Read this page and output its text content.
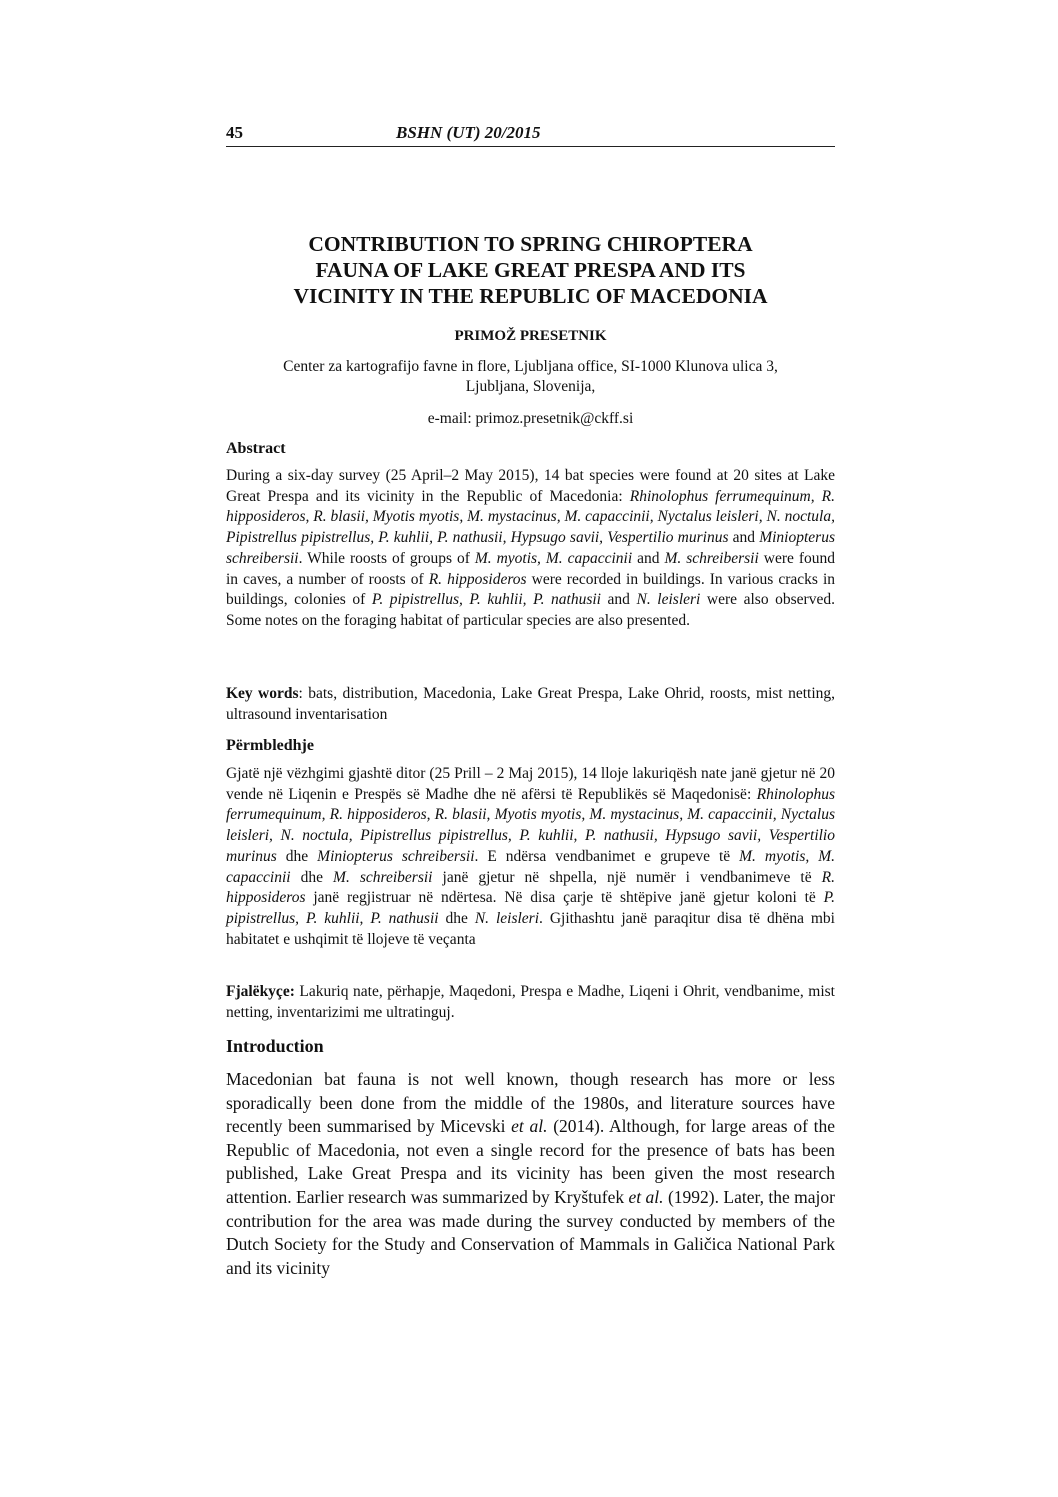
45	BSHN (UT) 20/2015
CONTRIBUTION TO SPRING CHIROPTERA
FAUNA OF LAKE GREAT PRESPA AND ITS
VICINITY IN THE REPUBLIC OF MACEDONIA
PRIMOŽ PRESETNIK
Center za kartografijo favne in flore, Ljubljana office, SI-1000 Klunova ulica 3,
Ljubljana, Slovenija,
e-mail: primoz.presetnik@ckff.si
Abstract

During a six-day survey (25 April–2 May 2015), 14 bat species were found at 20 sites at Lake Great Prespa and its vicinity in the Republic of Macedonia: Rhinolophus ferrumequinum, R. hipposideros, R. blasii, Myotis myotis, M. mystacinus, M. capaccinii, Nyctalus leisleri, N. noctula, Pipistrellus pipistrellus, P. kuhlii, P. nathusii, Hypsugo savii, Vespertilio murinus and Miniopterus schreibersii. While roosts of groups of M. myotis, M. capaccinii and M. schreibersii were found in caves, a number of roosts of R. hipposideros were recorded in buildings. In various cracks in buildings, colonies of P. pipistrellus, P. kuhlii, P. nathusii and N. leisleri were also observed. Some notes on the foraging habitat of particular species are also presented.

Key words: bats, distribution, Macedonia, Lake Great Prespa, Lake Ohrid, roosts, mist netting, ultrasound inventarisation

Përmbledhje

Gjatë një vëzhgimi gjashtë ditor (25 Prill – 2 Maj 2015), 14 lloje lakuriqësh nate janë gjetur në 20 vende në Liqenin e Prespës së Madhe dhe në afërsi të Republikës së Maqedonisë: Rhinolophus ferrumequinum, R. hipposideros, R. blasii, Myotis myotis, M. mystacinus, M. capaccinii, Nyctalus leisleri, N. noctula, Pipistrellus pipistrellus, P. kuhlii, P. nathusii, Hypsugo savii, Vespertilio murinus dhe Miniopterus schreibersii. E ndërsa vendbanimet e grupeve të M. myotis, M. capaccinii dhe M. schreibersii janë gjetur në shpella, një numër i vendbanimeve të R. hipposideros janë regjistruar në ndërtesa. Në disa çarje të shtëpive janë gjetur koloni të P. pipistrellus, P. kuhlii, P. nathusii dhe N. leisleri. Gjithashtu janë paraqitur disa të dhëna mbi habitatet e ushqimit të llojeve të veçanta

Fjalëkyçe: Lakuriq nate, përhapje, Maqedoni, Prespa e Madhe, Liqeni i Ohrit, vendbanime, mist netting, inventarizimi me ultratinguj.

Introduction

Macedonian bat fauna is not well known, though research has more or less sporadically been done from the middle of the 1980s, and literature sources have recently been summarised by Micevski et al. (2014). Although, for large areas of the Republic of Macedonia, not even a single record for the presence of bats has been published, Lake Great Prespa and its vicinity has been given the most research attention. Earlier research was summarized by Kryštufek et al. (1992). Later, the major contribution for the area was made during the survey conducted by members of the Dutch Society for the Study and Conservation of Mammals in Galičica National Park and its vicinity
